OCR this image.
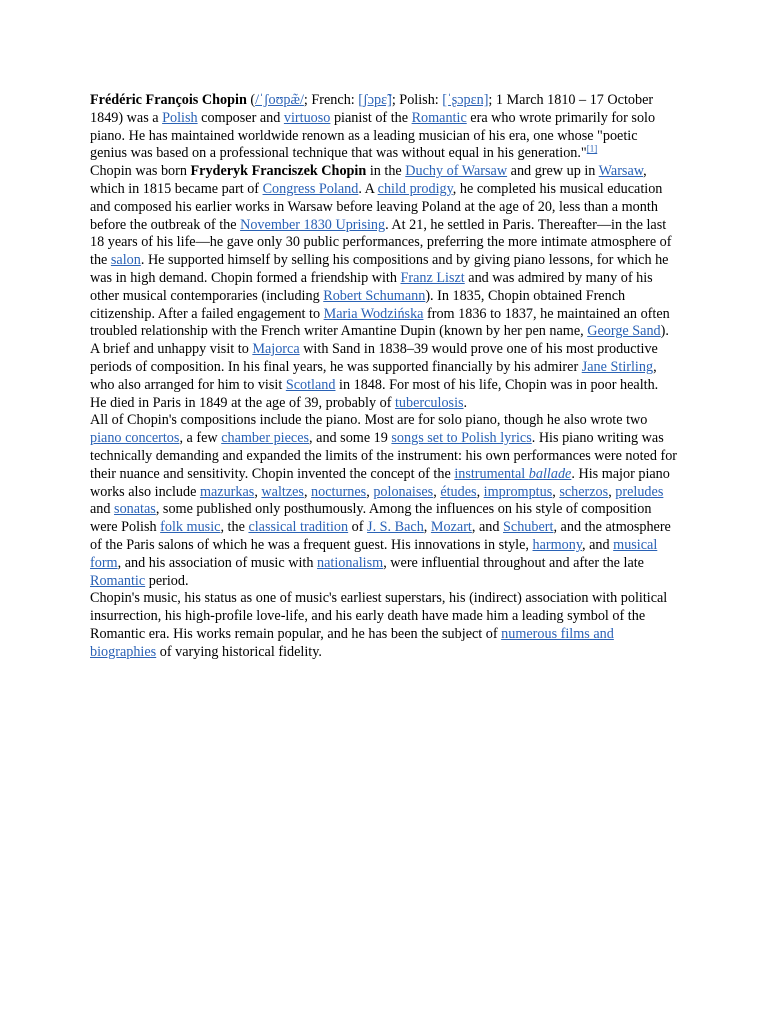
Frédéric François Chopin (/ˈʃoʊpæ̃/; French: [ʃɔpɛ̃]; Polish: [ˈʂɔpɛn]; 1 March 1810 – 17 October 1849) was a Polish composer and virtuoso pianist of the Romantic era who wrote primarily for solo piano. He has maintained worldwide renown as a leading musician of his era, one whose "poetic genius was based on a professional technique that was without equal in his generation."[1]

Chopin was born Fryderyk Franciszek Chopin in the Duchy of Warsaw and grew up in Warsaw, which in 1815 became part of Congress Poland. A child prodigy, he completed his musical education and composed his earlier works in Warsaw before leaving Poland at the age of 20, less than a month before the outbreak of the November 1830 Uprising. At 21, he settled in Paris. Thereafter—in the last 18 years of his life—he gave only 30 public performances, preferring the more intimate atmosphere of the salon. He supported himself by selling his compositions and by giving piano lessons, for which he was in high demand. Chopin formed a friendship with Franz Liszt and was admired by many of his other musical contemporaries (including Robert Schumann). In 1835, Chopin obtained French citizenship. After a failed engagement to Maria Wodzińska from 1836 to 1837, he maintained an often troubled relationship with the French writer Amantine Dupin (known by her pen name, George Sand). A brief and unhappy visit to Majorca with Sand in 1838–39 would prove one of his most productive periods of composition. In his final years, he was supported financially by his admirer Jane Stirling, who also arranged for him to visit Scotland in 1848. For most of his life, Chopin was in poor health. He died in Paris in 1849 at the age of 39, probably of tuberculosis.

All of Chopin's compositions include the piano. Most are for solo piano, though he also wrote two piano concertos, a few chamber pieces, and some 19 songs set to Polish lyrics. His piano writing was technically demanding and expanded the limits of the instrument: his own performances were noted for their nuance and sensitivity. Chopin invented the concept of the instrumental ballade. His major piano works also include mazurkas, waltzes, nocturnes, polonaises, études, impromptus, scherzos, preludes and sonatas, some published only posthumously. Among the influences on his style of composition were Polish folk music, the classical tradition of J. S. Bach, Mozart, and Schubert, and the atmosphere of the Paris salons of which he was a frequent guest. His innovations in style, harmony, and musical form, and his association of music with nationalism, were influential throughout and after the late Romantic period.

Chopin's music, his status as one of music's earliest superstars, his (indirect) association with political insurrection, his high-profile love-life, and his early death have made him a leading symbol of the Romantic era. His works remain popular, and he has been the subject of numerous films and biographies of varying historical fidelity.
